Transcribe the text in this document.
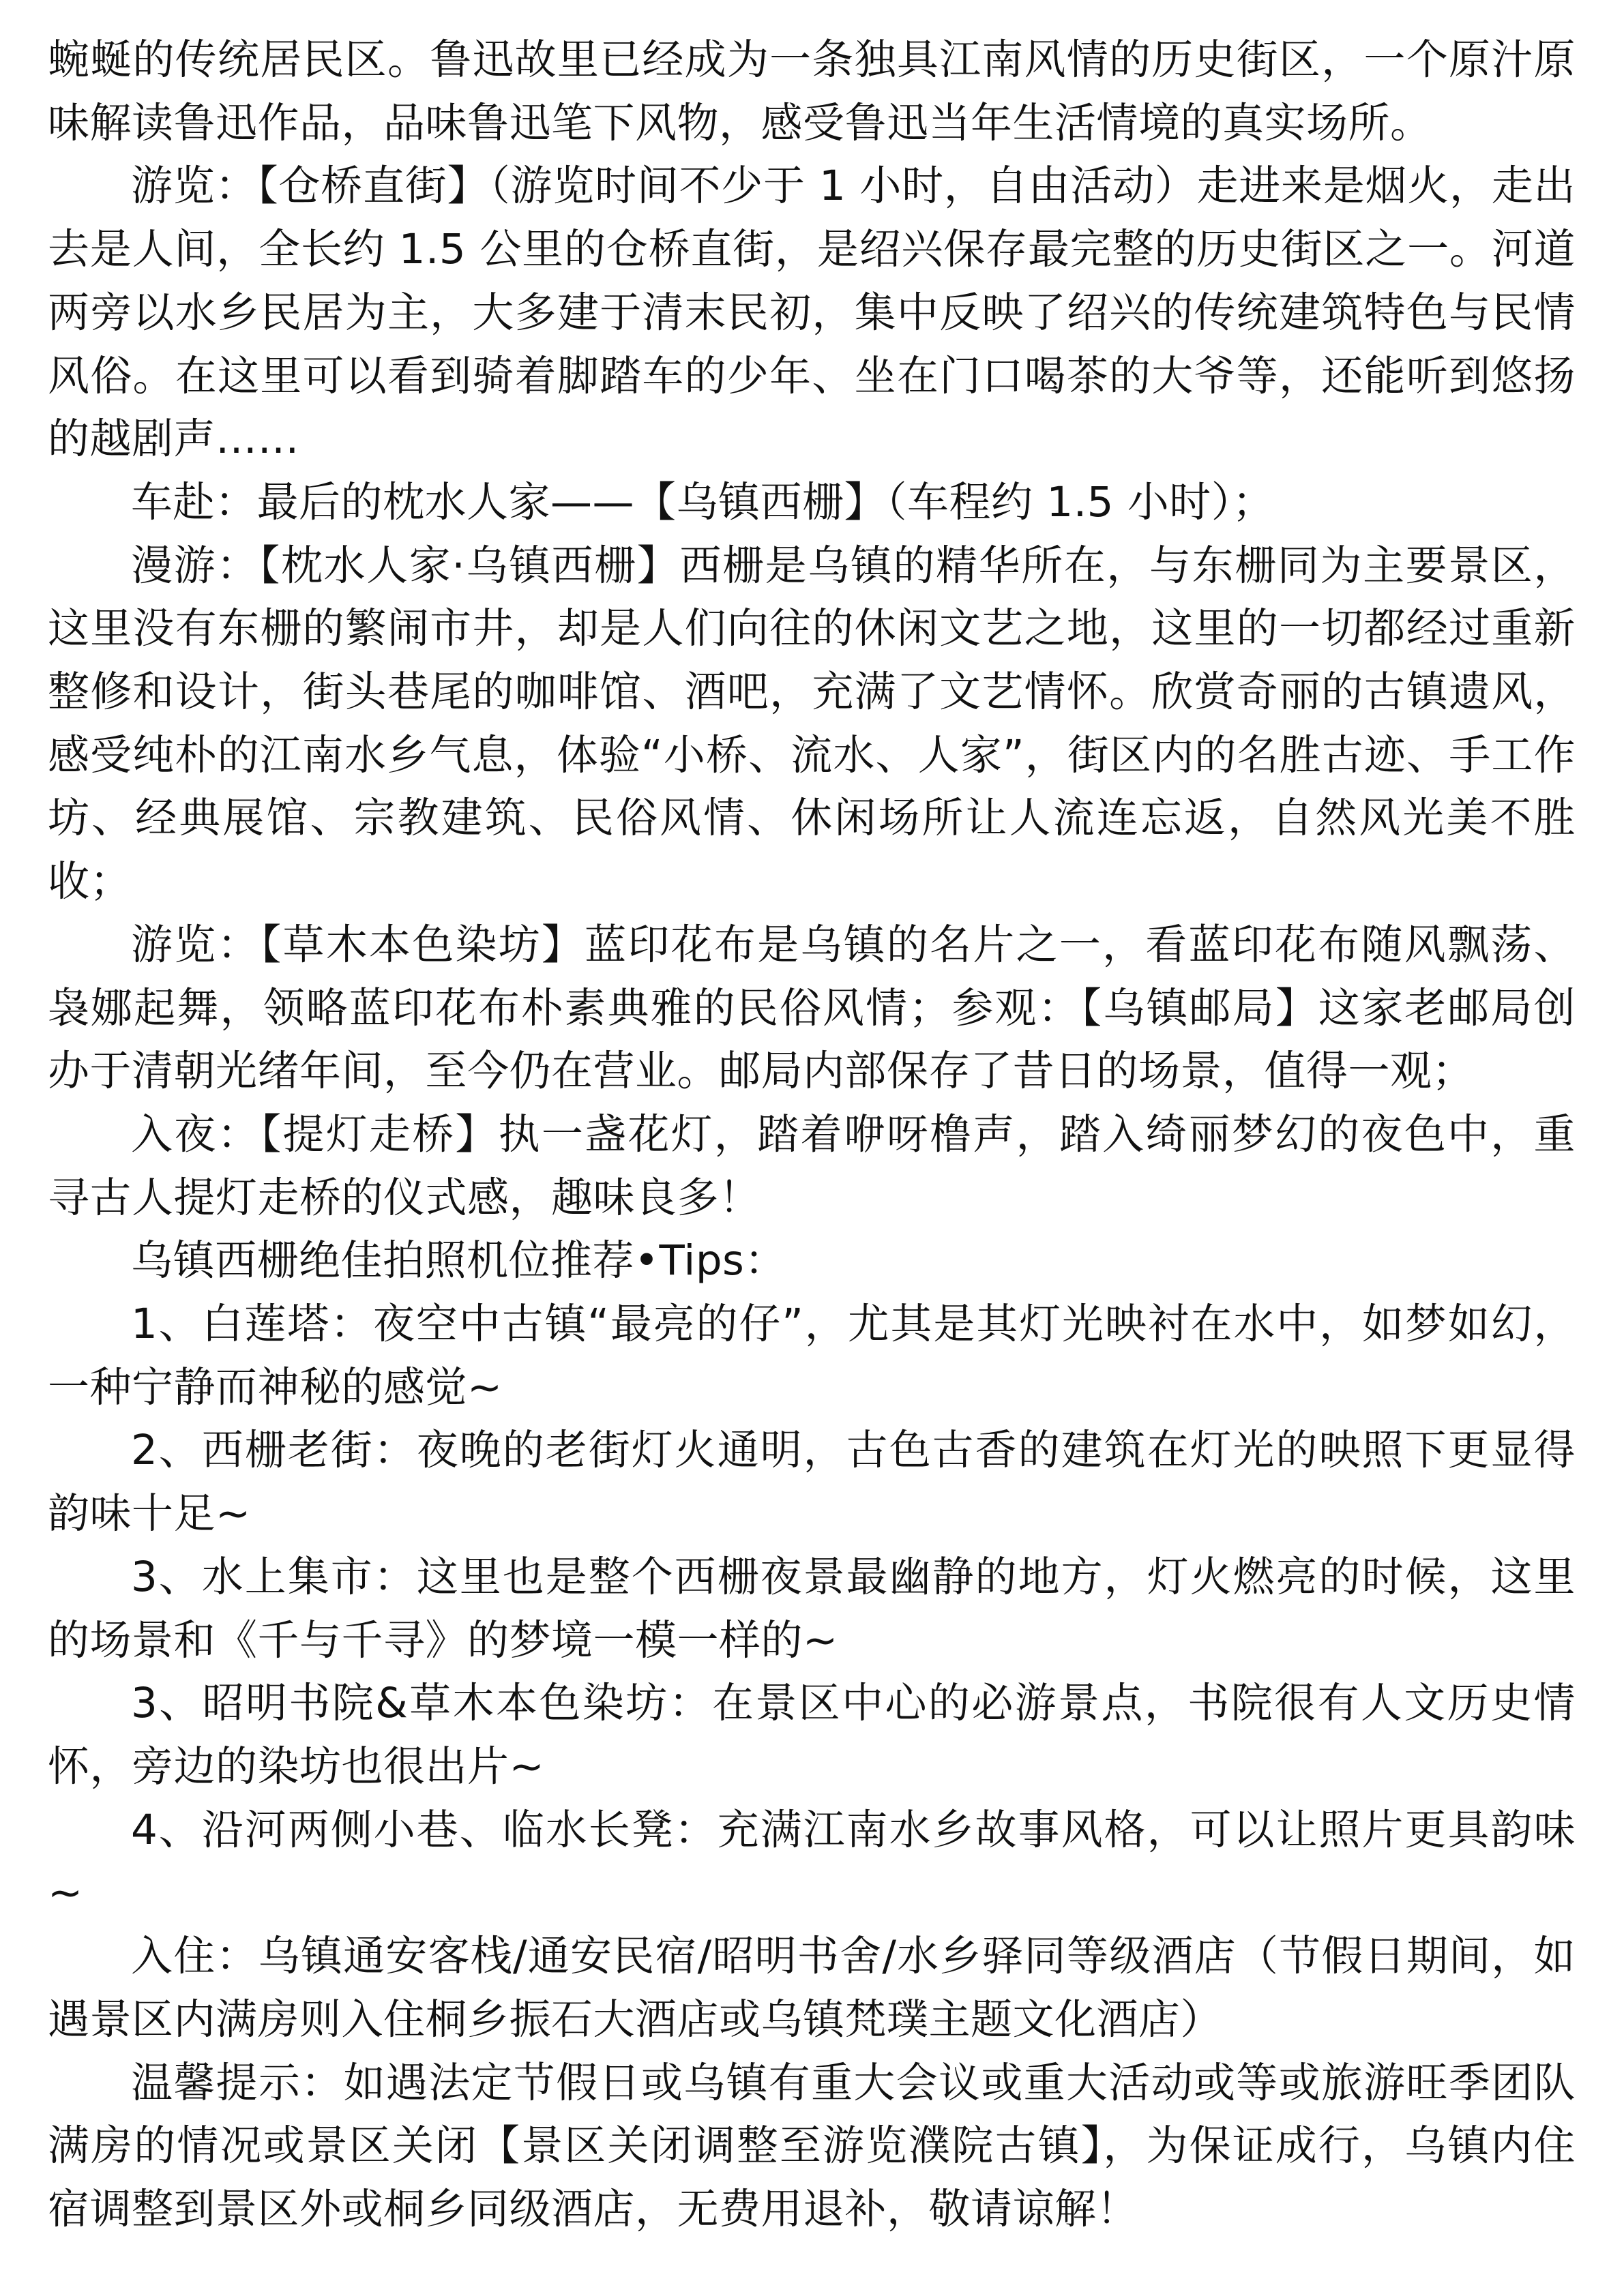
蜿蜒的传统居民区。鲁迅故里已经成为一条独具江南风情的历史街区，一个原汁原味解读鲁迅作品，品味鲁迅笔下风物，感受鲁迅当年生活情境的真实场所。

游览：【仓桥直街】（游览时间不少于 1 小时，自由活动）走进来是烟火，走出去是人间，全长约 1.5 公里的仓桥直街，是绍兴保存最完整的历史街区之一。河道两旁以水乡民居为主，大多建于清末民初，集中反映了绍兴的传统建筑特色与民情风俗。在这里可以看到骑着脚踏车的少年、坐在门口喝茶的大爷等，还能听到悠扬的越剧声……

车赴：最后的枕水人家——【乌镇西栅】（车程约 1.5 小时）；

漫游：【枕水人家·乌镇西栅】西栅是乌镇的精华所在，与东栅同为主要景区，这里没有东栅的繁闹市井，却是人们向往的休闲文艺之地，这里的一切都经过重新整修和设计，街头巷尾的咖啡馆、酒吧，充满了文艺情怀。欣赏奇丽的古镇遗风，感受纯朴的江南水乡气息，体验“小桥、流水、人家”，街区内的名胜古迹、手工作坊、经典展馆、宗教建筑、民俗风情、休闲场所让人流连忘返，自然风光美不胜收；

游览：【草木本色染坊】蓝印花布是乌镇的名片之一，看蓝印花布随风飘荡、袅娜起舞，领略蓝印花布朴素典雅的民俗风情；参观：【乌镇邮局】这家老邮局创办于清朝光绪年间，至今仍在营业。邮局内部保存了昔日的场景，值得一观；

入夜：【提灯走桥】执一盏花灯，踏着咿呀橹声，踏入绮丽梦幻的夜色中，重寻古人提灯走桥的仪式感，趣味良多！

乌镇西栅绝佳拍照机位推荐•Tips：

1、白莲塔：夜空中古镇“最亮的仔”，尤其是其灯光映衬在水中，如梦如幻，一种宁静而神秘的感觉~

2、西栅老街：夜晚的老街灯火通明，古色古香的建筑在灯光的映照下更显得韵味十足~

3、水上集市：这里也是整个西栅夜景最幽静的地方，灯火燃亮的时候，这里的场景和《千与千寻》的梦境一模一样的~

3、昭明书院&草木本色染坊：在景区中心的必游景点，书院很有人文历史情怀，旁边的染坊也很出片~

4、沿河两侧小巷、临水长凳：充满江南水乡故事风格，可以让照片更具韵味~

入住：乌镇通安客栈/通安民宿/昭明书舍/水乡驿同等级酒店（节假日期间，如遇景区内满房则入住桐乡振石大酒店或乌镇梵璞主题文化酒店）

温馨提示：如遇法定节假日或乌镇有重大会议或重大活动或等或旅游旺季团队满房的情况或景区关闭【景区关闭调整至游览濮院古镇】，为保证成行，乌镇内住宿调整到景区外或桐乡同级酒店，无费用退补，敬请谅解！
